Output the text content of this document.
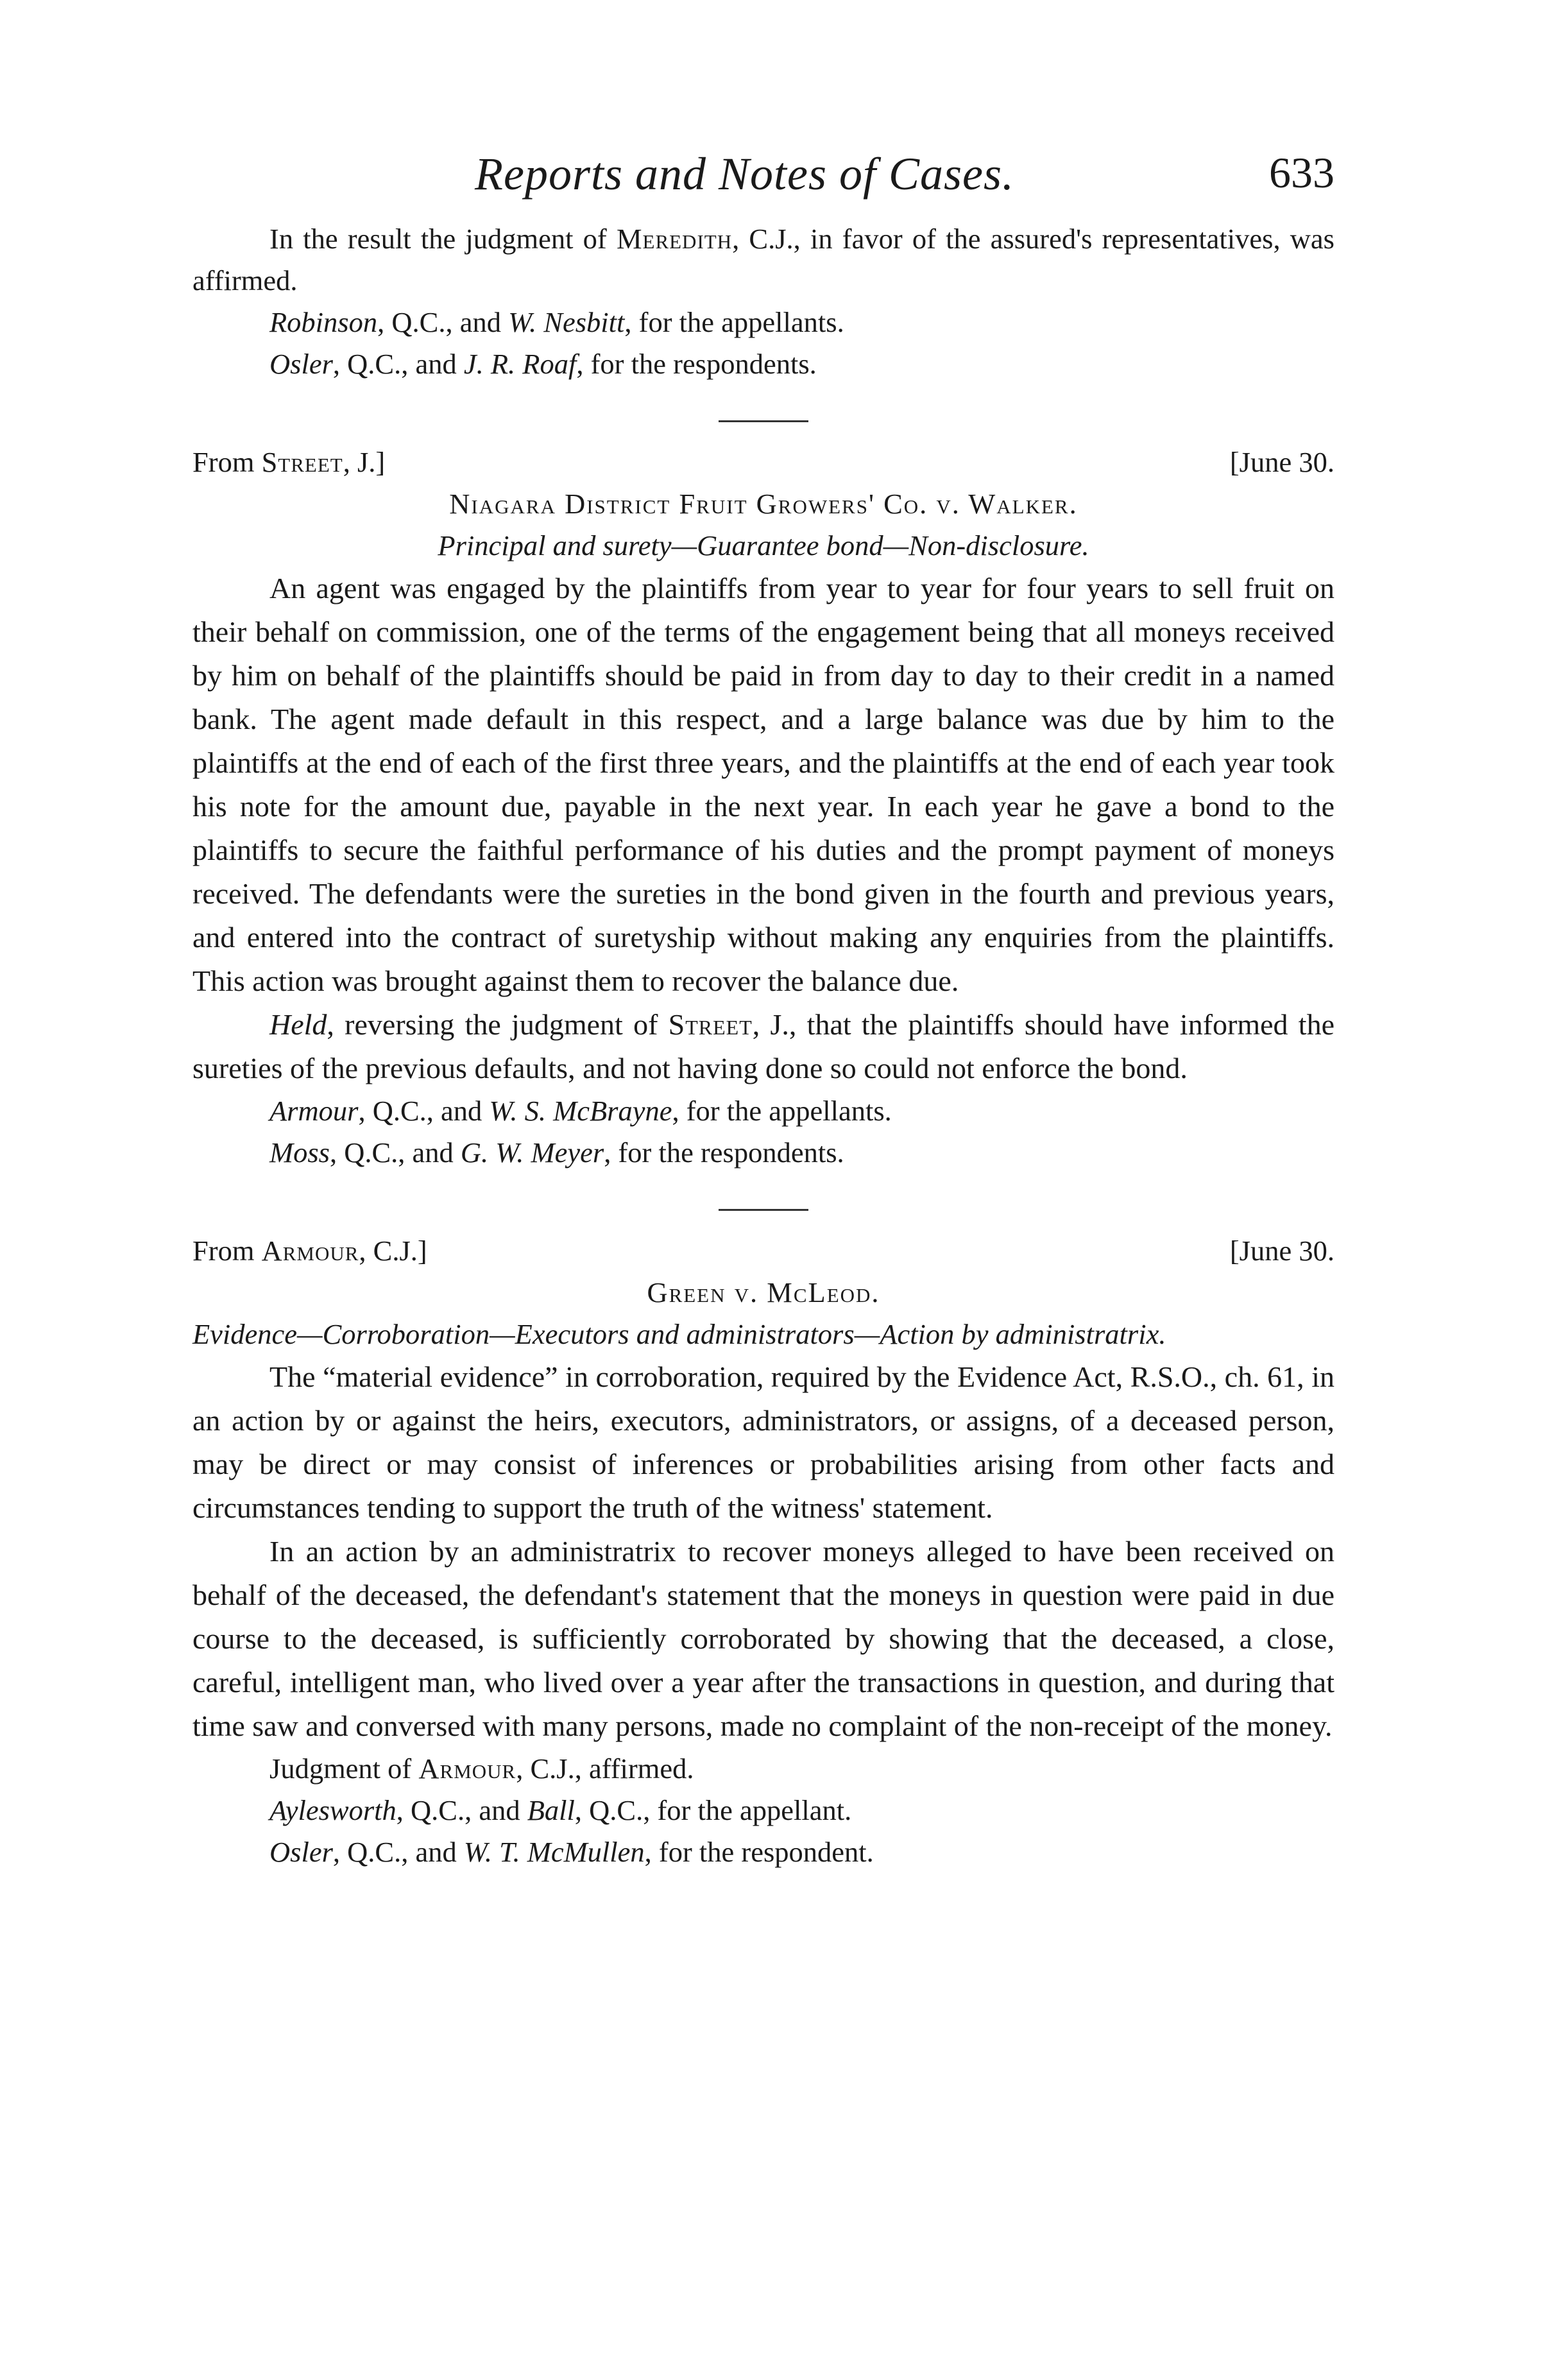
Reports and Notes of Cases.	633

In the result the judgment of Meredith, C.J., in favor of the assured's representatives, was affirmed.

Robinson, Q.C., and W. Nesbitt, for the appellants.

Osler, Q.C., and J. R. Roaf, for the respondents.

From Street, J.]	[June 30.

Niagara District Fruit Growers' Co. v. Walker.

Principal and surety—Guarantee bond—Non-disclosure.

An agent was engaged by the plaintiffs from year to year for four years to sell fruit on their behalf on commission, one of the terms of the engagement being that all moneys received by him on behalf of the plaintiffs should be paid in from day to day to their credit in a named bank. The agent made default in this respect, and a large balance was due by him to the plaintiffs at the end of each of the first three years, and the plaintiffs at the end of each year took his note for the amount due, payable in the next year. In each year he gave a bond to the plaintiffs to secure the faithful performance of his duties and the prompt payment of moneys received. The defendants were the sureties in the bond given in the fourth and previous years, and entered into the contract of suretyship without making any enquiries from the plaintiffs. This action was brought against them to recover the balance due.

Held, reversing the judgment of Street, J., that the plaintiffs should have informed the sureties of the previous defaults, and not having done so could not enforce the bond.

Armour, Q.C., and W. S. McBrayne, for the appellants.

Moss, Q.C., and G. W. Meyer, for the respondents.

From Armour, C.J.]	[June 30.

Green v. McLeod.

Evidence—Corroboration—Executors and administrators—Action by administratrix.

The “material evidence” in corroboration, required by the Evidence Act, R.S.O., ch. 61, in an action by or against the heirs, executors, administrators, or assigns, of a deceased person, may be direct or may consist of inferences or probabilities arising from other facts and circumstances tending to support the truth of the witness' statement.

In an action by an administratrix to recover moneys alleged to have been received on behalf of the deceased, the defendant's statement that the moneys in question were paid in due course to the deceased, is sufficiently corroborated by showing that the deceased, a close, careful, intelligent man, who lived over a year after the transactions in question, and during that time saw and conversed with many persons, made no complaint of the non-receipt of the money.

Judgment of Armour, C.J., affirmed.

Aylesworth, Q.C., and Ball, Q.C., for the appellant.

Osler, Q.C., and W. T. McMullen, for the respondent.
